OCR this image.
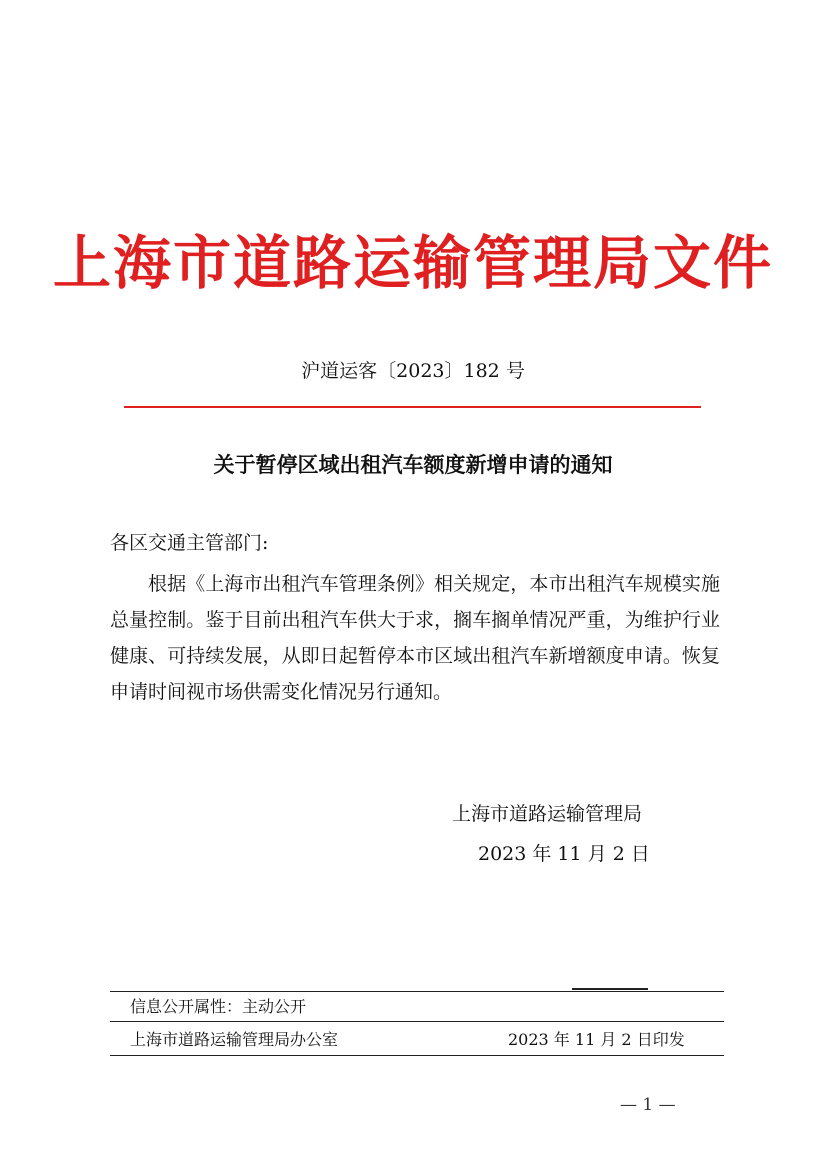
上海市道路运输管理局文件
沪道运客〔2023〕182 号
关于暂停区域出租汽车额度新增申请的通知
各区交通主管部门:

根据《上海市出租汽车管理条例》相关规定，本市出租汽车规模实施总量控制。鉴于目前出租汽车供大于求，搁车搁单情况严重，为维护行业健康、可持续发展，从即日起暂停本市区域出租汽车新增额度申请。恢复申请时间视市场供需变化情况另行通知。

上海市道路运输管理局
2023 年 11 月 2 日
信息公开属性：主动公开
上海市道路运输管理局办公室	2023 年 11 月 2 日印发
— 1 —
